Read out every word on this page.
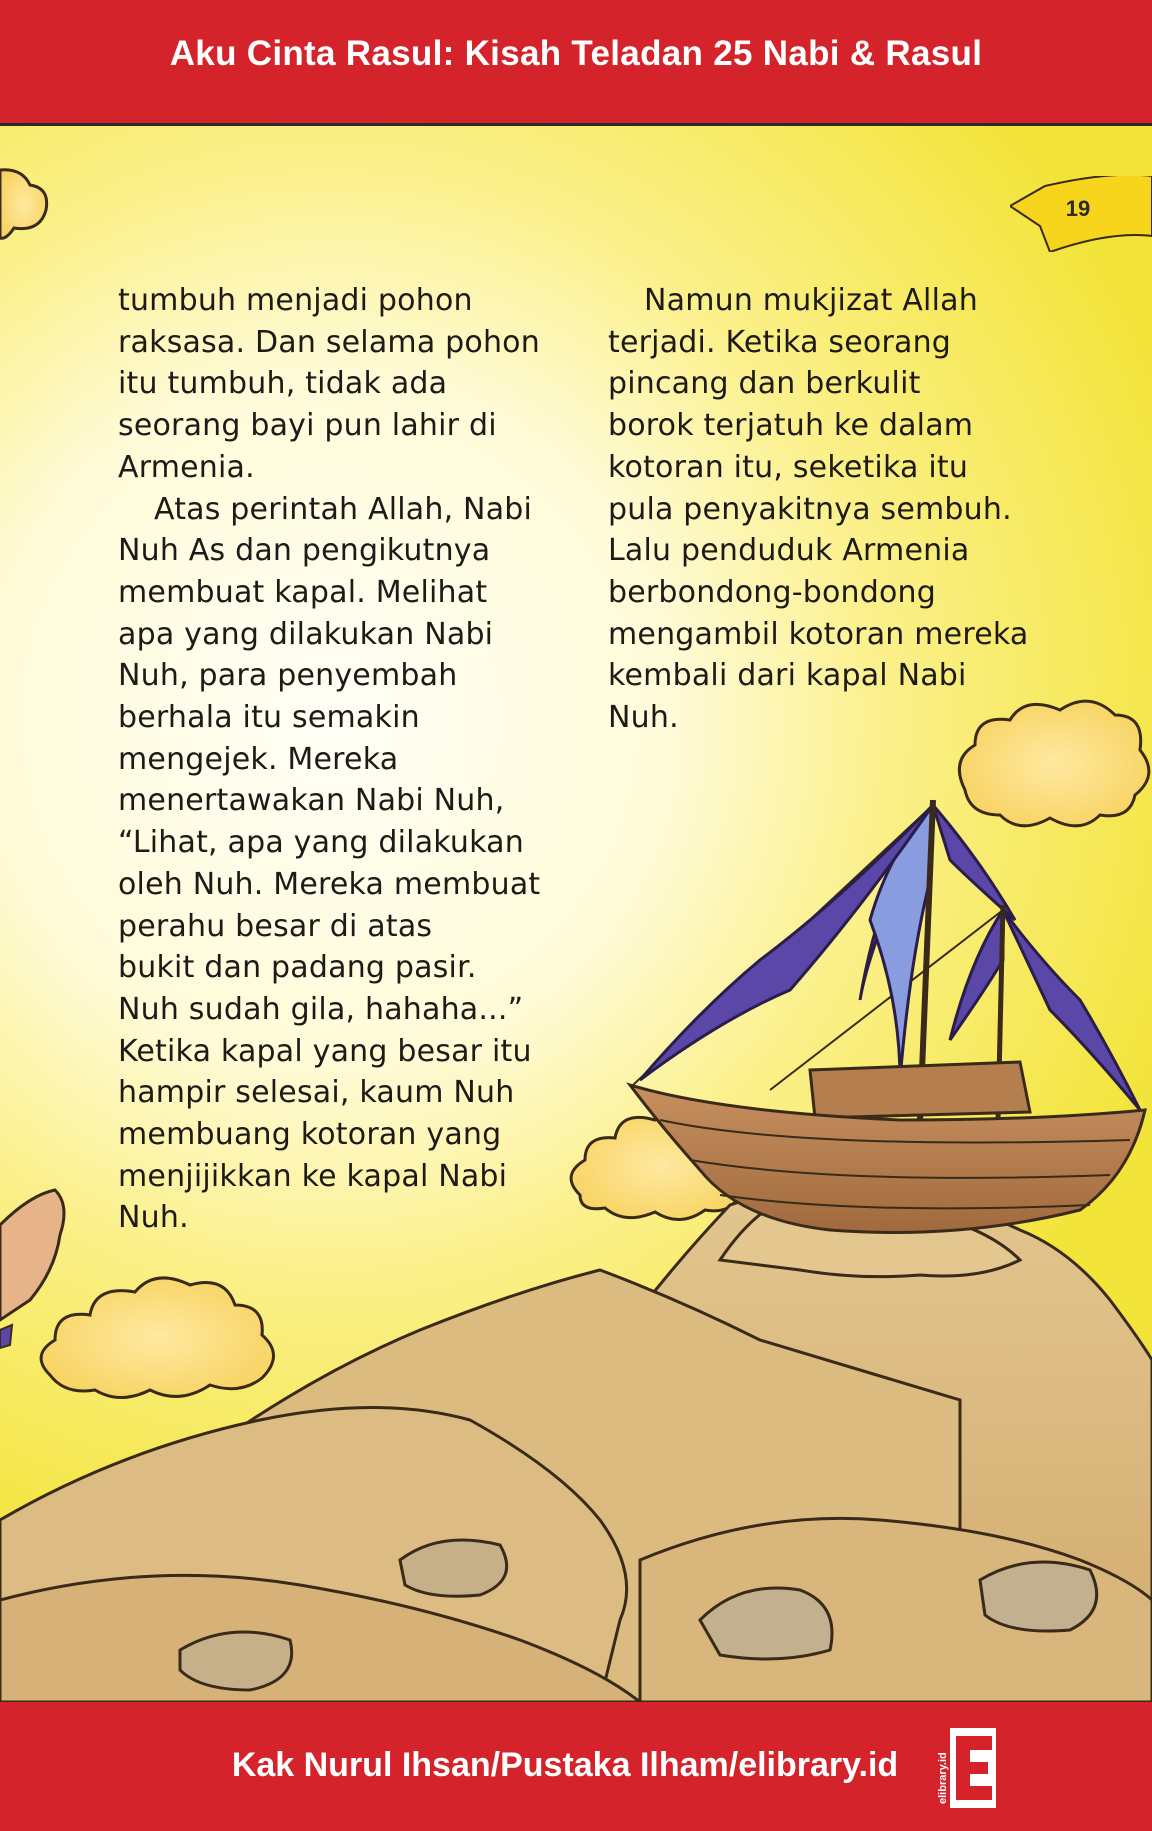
19
Aku Cinta Rasul: Kisah Teladan 25 Nabi & Rasul

tumbuh menjadi pohon
raksasa. Dan selama pohon
itu tumbuh, tidak ada
seorang bayi pun lahir di
Armenia.

Atas perintah Allah, Nabi
Nuh As dan pengikutnya
membuat kapal. Melihat
apa yang dilakukan Nabi
Nuh, para penyembah
berhala itu semakin
mengejek. Mereka
menertawakan Nabi Nuh,
“Lihat, apa yang dilakukan
oleh Nuh. Mereka membuat
perahu besar di atas
bukit dan padang pasir.
Nuh sudah gila, hahaha...”
Ketika kapal yang besar itu
hampir selesai, kaum Nuh
membuang kotoran yang
menjijikkan ke kapal Nabi
Nuh.

Namun mukjizat Allah
terjadi. Ketika seorang
pincang dan berkulit
borok terjatuh ke dalam
kotoran itu, seketika itu
pula penyakitnya sembuh.
Lalu penduduk Armenia
berbondong-bondong
mengambil kotoran mereka
kembali dari kapal Nabi
Nuh.

Kak Nurul Ihsan/Pustaka Ilham/elibrary.id	elibrary.id
